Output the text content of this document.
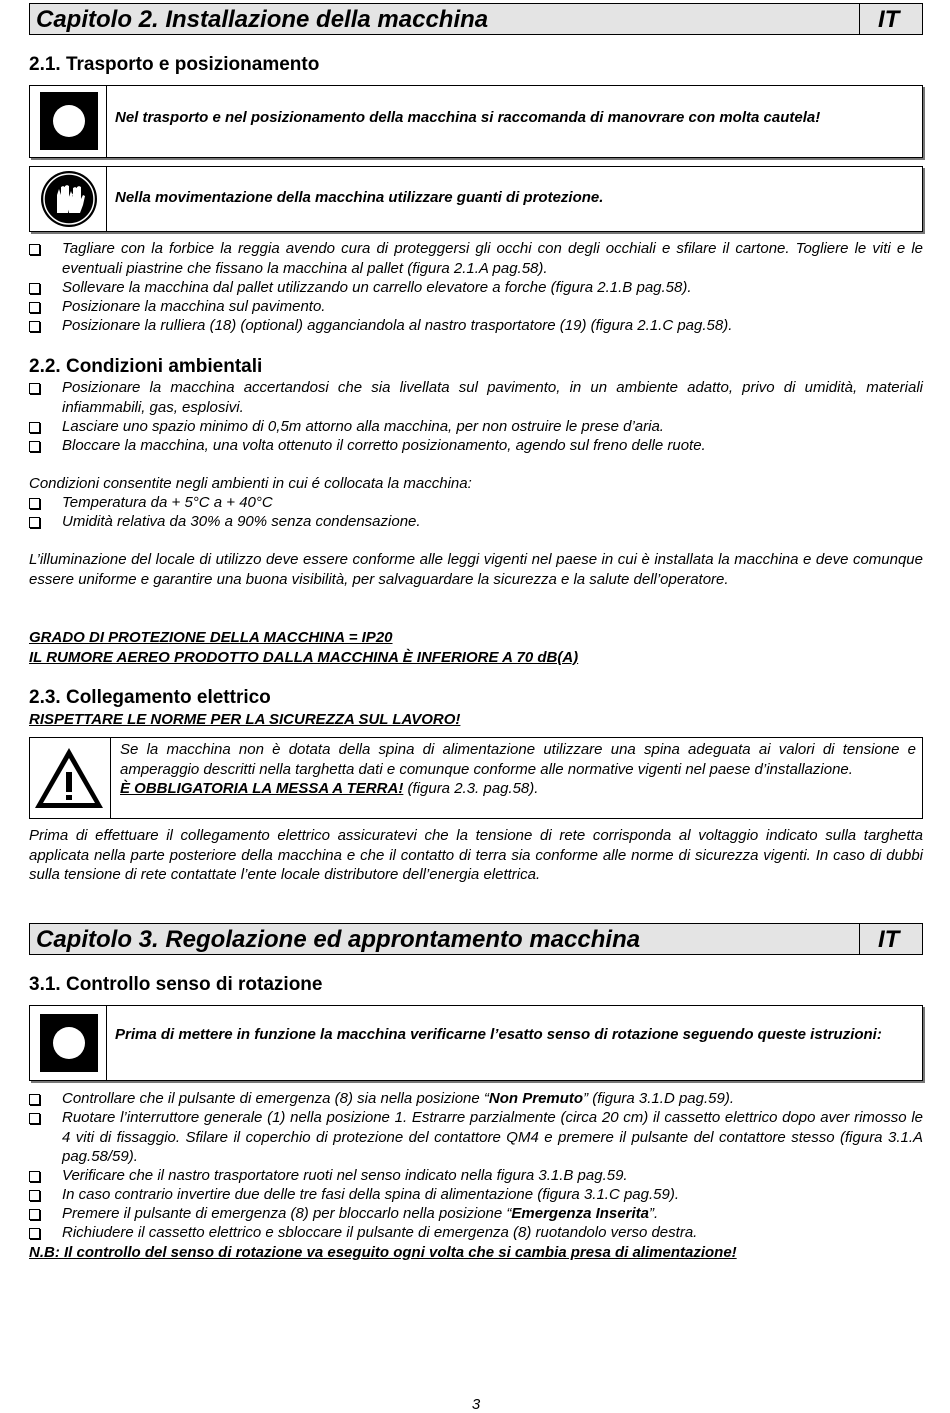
Capitolo 2. Installazione della macchina	IT
2.1. Trasporto e posizionamento
Nel trasporto e nel posizionamento della macchina si raccomanda di manovrare con molta cautela!
Nella movimentazione della macchina utilizzare guanti di protezione.
Tagliare con la forbice la reggia avendo cura di proteggersi gli occhi con degli occhiali e sfilare il cartone. Togliere le viti e le eventuali piastrine che fissano la macchina al pallet (figura 2.1.A pag.58).
Sollevare la macchina dal pallet utilizzando un carrello elevatore a forche (figura 2.1.B pag.58).
Posizionare la macchina sul pavimento.
Posizionare la rulliera (18) (optional) agganciandola al nastro trasportatore (19) (figura 2.1.C pag.58).
2.2. Condizioni ambientali
Posizionare la macchina accertandosi che sia livellata sul pavimento, in un ambiente adatto, privo di umidità, materiali infiammabili, gas, esplosivi.
Lasciare uno spazio minimo di 0,5m attorno alla macchina, per non ostruire le prese d’aria.
Bloccare la macchina, una volta ottenuto il corretto posizionamento, agendo sul freno delle ruote.
Condizioni consentite negli ambienti in cui é collocata la macchina:
Temperatura da + 5°C a + 40°C
Umidità relativa da 30% a 90% senza condensazione.
L’illuminazione del locale di utilizzo deve essere conforme alle leggi vigenti nel paese in cui è installata la macchina e deve comunque essere uniforme e garantire una buona visibilità, per salvaguardare la sicurezza e la salute dell’operatore.
GRADO DI PROTEZIONE DELLA MACCHINA = IP20
IL RUMORE AEREO PRODOTTO DALLA MACCHINA È INFERIORE A 70 dB(A)
2.3. Collegamento elettrico
RISPETTARE LE NORME PER LA SICUREZZA SUL LAVORO!
Se la macchina non è dotata della spina di alimentazione utilizzare una spina adeguata ai valori di tensione e amperaggio descritti nella targhetta dati e comunque conforme alle normative vigenti nel paese d’installazione.
È OBBLIGATORIA LA MESSA A TERRA! (figura 2.3. pag.58).
Prima di effettuare il collegamento elettrico assicuratevi che la tensione di rete corrisponda al voltaggio indicato sulla targhetta applicata nella parte posteriore della macchina e che il contatto di terra sia conforme alle norme di sicurezza vigenti. In caso di dubbi sulla tensione di rete contattate l’ente locale distributore dell’energia elettrica.
Capitolo 3. Regolazione ed approntamento macchina	IT
3.1. Controllo senso di rotazione
Prima di mettere in funzione la macchina verificarne l’esatto senso di rotazione seguendo queste istruzioni:
Controllare che il pulsante di emergenza (8) sia nella posizione “Non Premuto” (figura 3.1.D pag.59).
Ruotare l’interruttore generale (1) nella posizione 1. Estrarre parzialmente (circa 20 cm) il cassetto elettrico dopo aver rimosso le 4 viti di fissaggio. Sfilare il coperchio di protezione del contattore QM4 e premere il pulsante del contattore stesso (figura 3.1.A pag.58/59).
Verificare che il nastro trasportatore ruoti nel senso indicato nella figura 3.1.B pag.59.
In caso contrario invertire due delle tre fasi della spina di alimentazione (figura 3.1.C pag.59).
Premere il pulsante di emergenza (8) per bloccarlo nella posizione “Emergenza Inserita”.
Richiudere il cassetto elettrico e sbloccare il pulsante di emergenza (8) ruotandolo verso destra.
N.B: Il controllo del senso di rotazione va eseguito ogni volta che si cambia presa di alimentazione!
3
